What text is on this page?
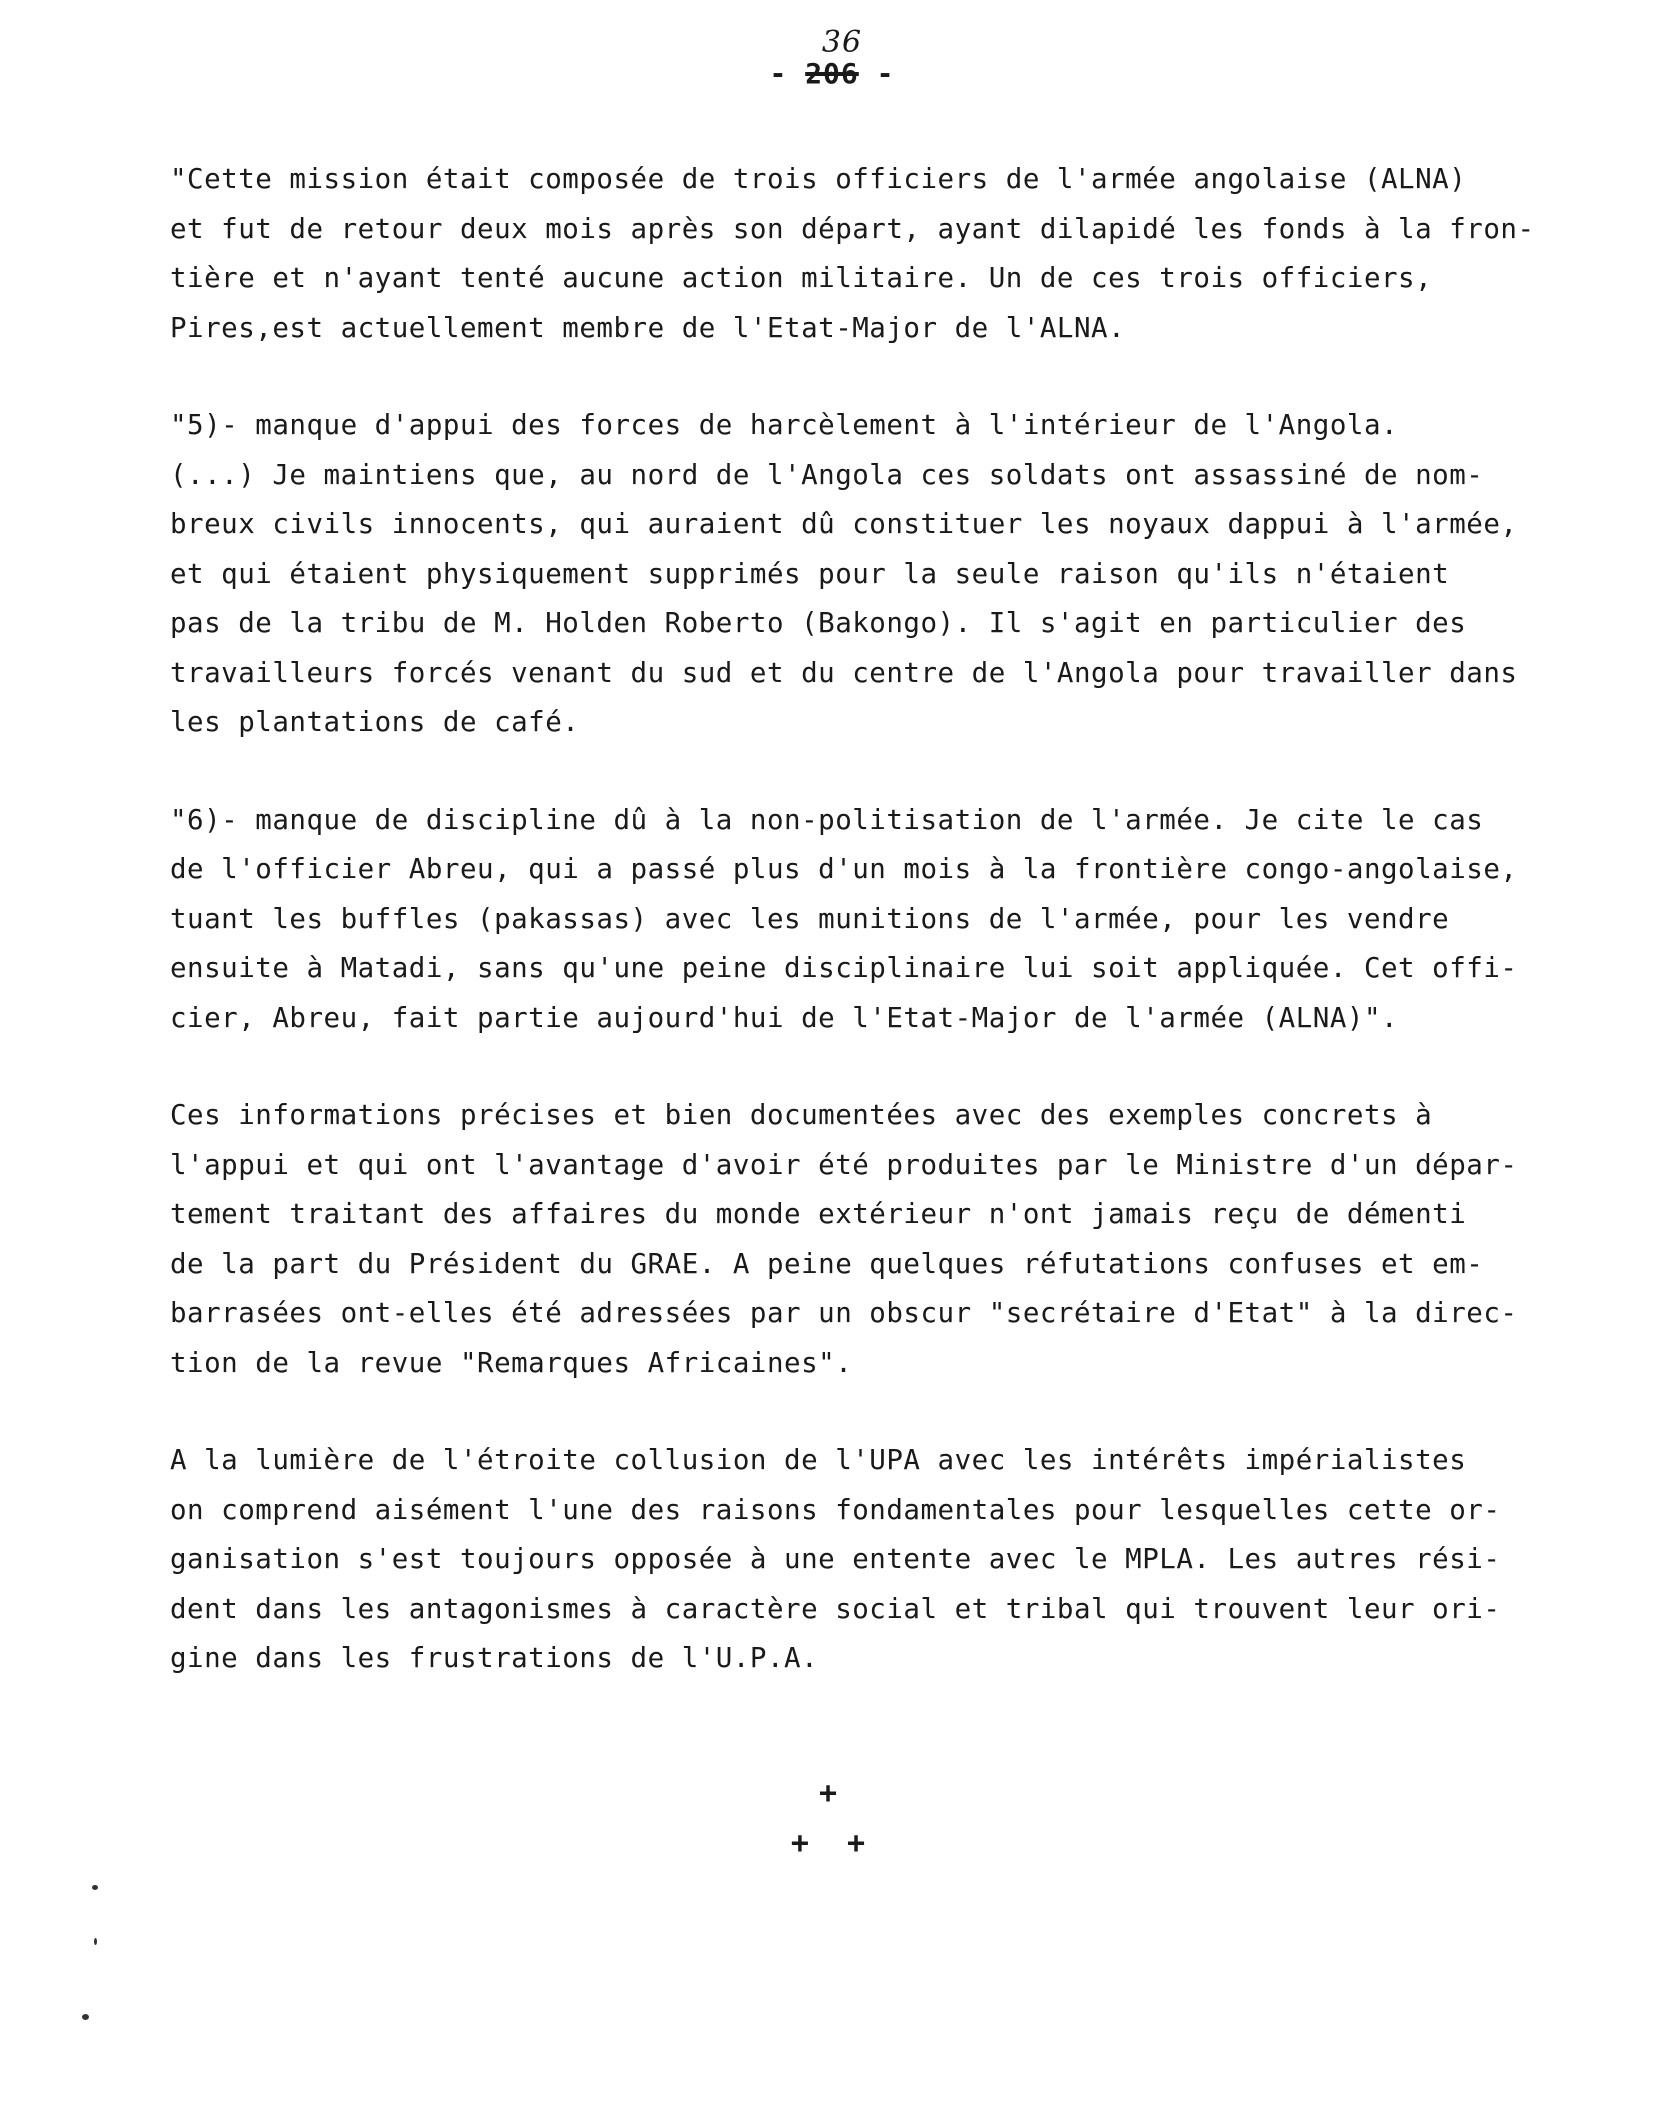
36
- 206 -
"Cette mission était composée de trois officiers de l'armée angolaise (ALNA)
et fut de retour deux mois après son départ, ayant dilapidé les fonds à la fron-
tière et n'ayant tenté aucune action militaire. Un de ces trois officiers,
Pires,est actuellement membre de l'Etat-Major de l'ALNA.
"5)- manque d'appui des forces de harcèlement à l'intérieur de l'Angola.
(...) Je maintiens que, au nord de l'Angola ces soldats ont assassiné de nom-
breux civils innocents, qui auraient dû constituer les noyaux dappui à l'armée,
et qui étaient physiquement supprimés pour la seule raison qu'ils n'étaient
pas de la tribu de M. Holden Roberto (Bakongo). Il s'agit en particulier des
travailleurs forcés venant du sud et du centre de l'Angola pour travailler dans
les plantations de café.
"6)- manque de discipline dû à la non-politisation de l'armée. Je cite le cas
de l'officier Abreu, qui a passé plus d'un mois à la frontière congo-angolaise,
tuant les buffles (pakassas) avec les munitions de l'armée, pour les vendre
ensuite à Matadi, sans qu'une peine disciplinaire lui soit appliquée. Cet offi-
cier, Abreu, fait partie aujourd'hui de l'Etat-Major de l'armée (ALNA)".
Ces informations précises et bien documentées avec des exemples concrets à
l'appui et qui ont l'avantage d'avoir été produites par le Ministre d'un dépar-
tement traitant des affaires du monde extérieur n'ont jamais reçu de démenti
de la part du Président du GRAE. A peine quelques réfutations confuses et em-
barrasées ont-elles été adressées par un obscur "secrétaire d'Etat" à la direc-
tion de la revue "Remarques Africaines".
A la lumière de l'étroite collusion de l'UPA avec les intérêts impérialistes
on comprend aisément l'une des raisons fondamentales pour lesquelles cette or-
ganisation s'est toujours opposée à une entente avec le MPLA. Les autres rési-
dent dans les antagonismes à caractère social et tribal qui trouvent leur ori-
gine dans les frustrations de l'U.P.A.
+
+ +
